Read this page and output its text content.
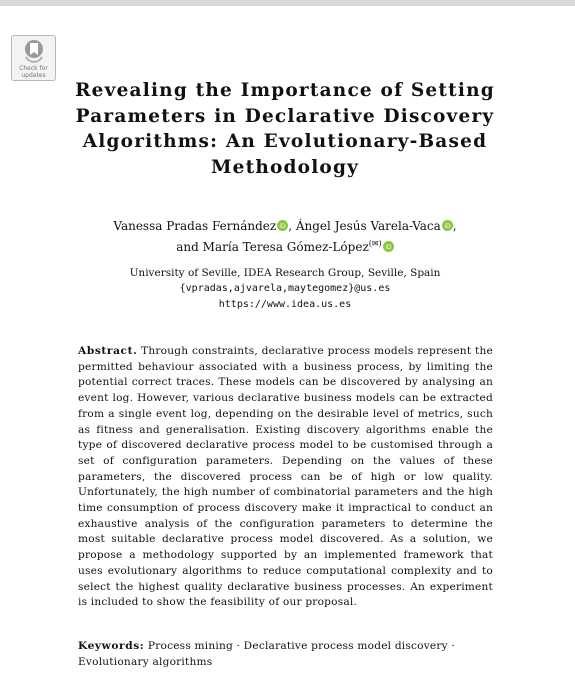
Check for
updates
Revealing the Importance of Setting Parameters in Declarative Discovery Algorithms: An Evolutionary-Based Methodology
Vanessa Pradas Fernández iD , Ángel Jesús Varela-Vaca iD ,
and María Teresa Gómez-López(✉) iD
University of Seville, IDEA Research Group, Seville, Spain
{vpradas,ajvarela,maytegomez}@us.es
https://www.idea.us.es

Abstract. Through constraints, declarative process models represent the permitted behaviour associated with a business process, by limiting the potential correct traces. These models can be discovered by analysing an event log. However, various declarative business models can be extracted from a single event log, depending on the desirable level of metrics, such as fitness and generalisation. Existing discovery algorithms enable the type of discovered declarative process model to be customised through a set of configuration parameters. Depending on the values of these parameters, the discovered process can be of high or low quality. Unfortunately, the high number of combinatorial parameters and the high time consumption of process discovery make it impractical to conduct an exhaustive analysis of the configuration parameters to determine the most suitable declarative process model discovered. As a solution, we propose a methodology supported by an implemented framework that uses evolutionary algorithms to reduce computational complexity and to select the highest quality declarative business processes. An experiment is included to show the feasibility of our proposal.

Keywords: Process mining · Declarative process model discovery · Evolutionary algorithms
